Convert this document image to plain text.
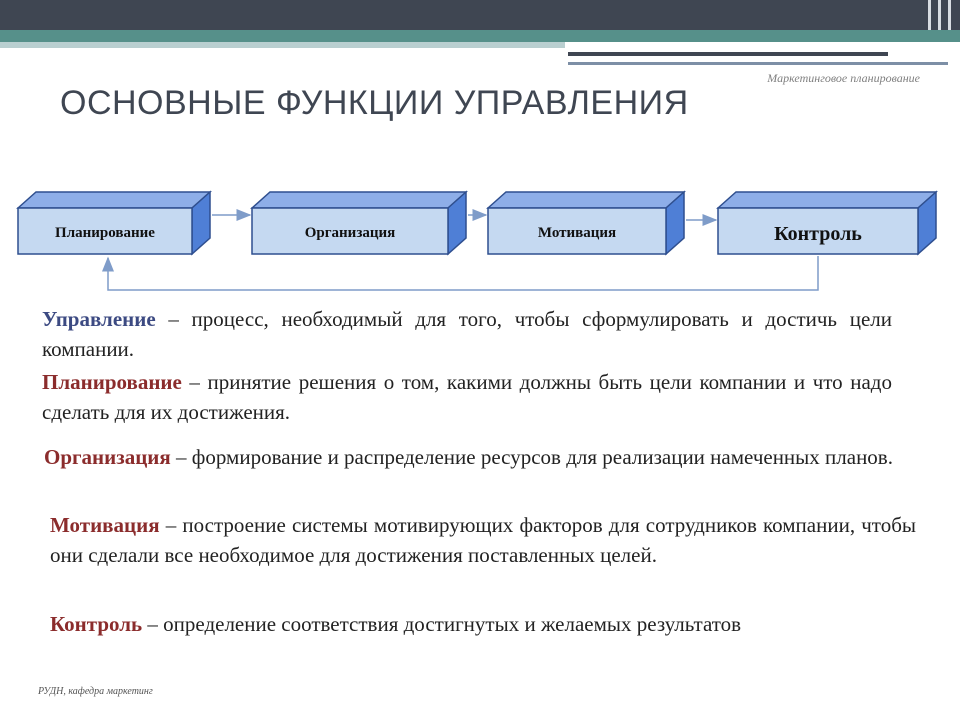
Маркетинговое планирование
ОСНОВНЫЕ ФУНКЦИИ УПРАВЛЕНИЯ
Планирование	Организация	Мотивация	Контроль
Управление – процесс, необходимый для того, чтобы сформулировать и достичь цели компании.
Планирование – принятие решения о том, какими должны быть цели компании и что надо сделать для их достижения.
Организация – формирование и распределение ресурсов для реализации намеченных планов.
Мотивация – построение системы мотивирующих факторов для сотрудников компании, чтобы они сделали все необходимое для достижения поставленных целей.
Контроль – определение соответствия достигнутых и желаемых результатов
РУДН, кафедра маркетинг
